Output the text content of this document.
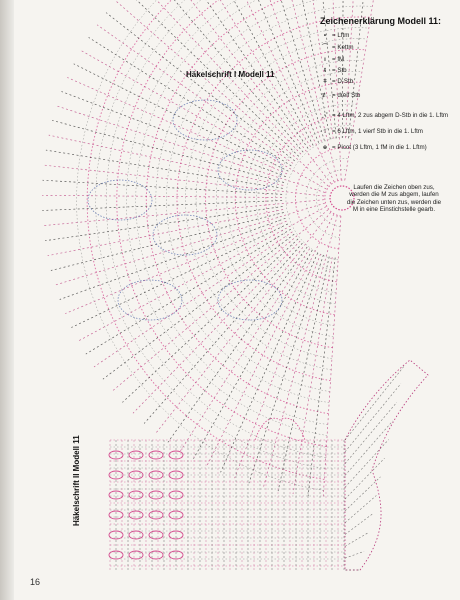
Zeichenerklärung Modell 11:
• = Lftm
⌒ = Kettm
ı = fM
ŧ = Stb
ǂ = D-Stb
≢ = dreif Stb
⋰ = 4 Lftm, 2 zus abgem D-Stb in die 1. Lftm
⫶	= 6 Lftm, 1 vierf Stb in die 1. Lftm
ɵ = Picot (3 Lftm, 1 fM in die 1. Lftm)
Häkelschrift I Modell 11
Häkelschrift II Modell 11
Laufen die Zeichen oben zus, werden die M zus abgem, laufen die Zeichen unten zus, werden die M in eine Einstichstelle gearb.
16
